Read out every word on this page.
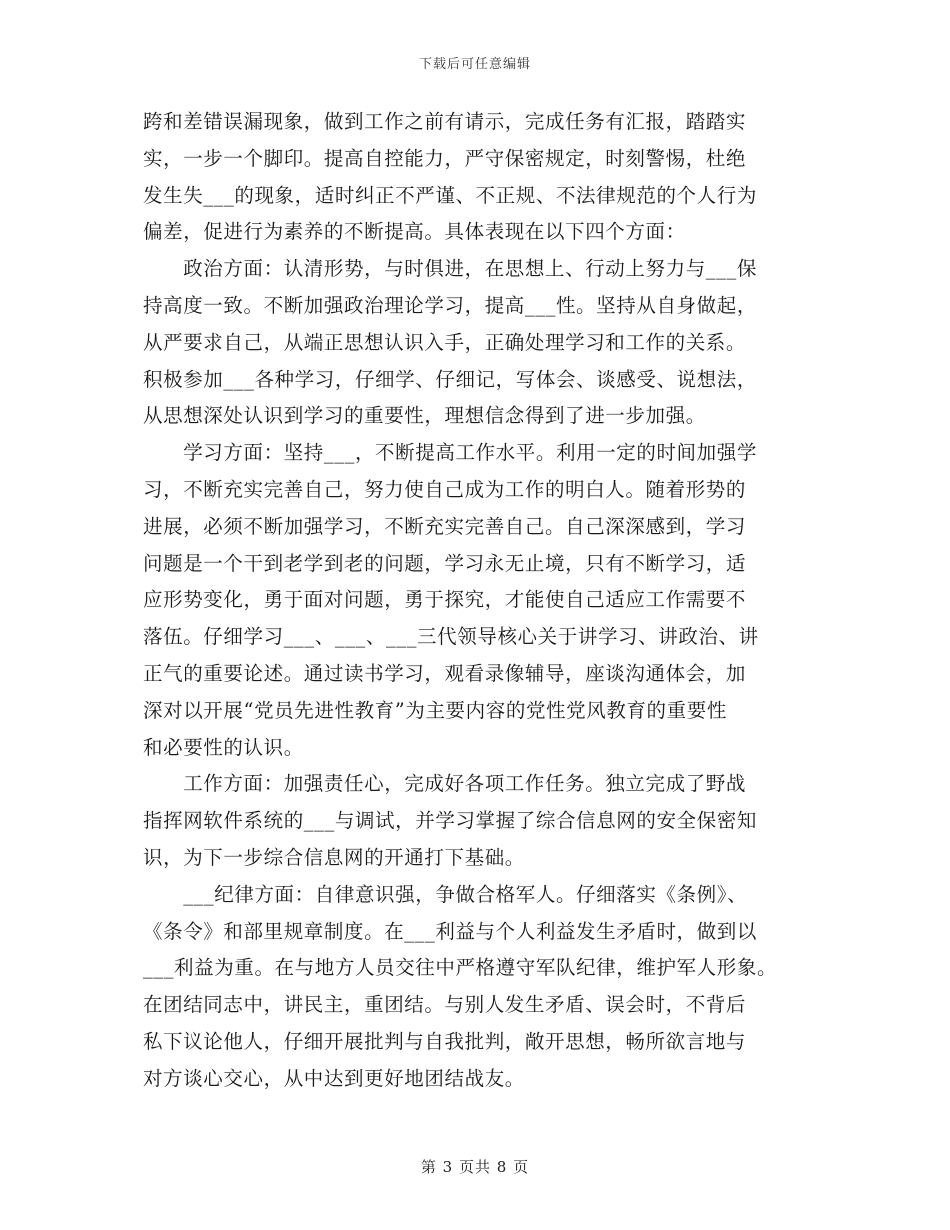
下载后可任意编辑
跨和差错误漏现象，做到工作之前有请示，完成任务有汇报，踏踏实
实，一步一个脚印。提高自控能力，严守保密规定，时刻警惕，杜绝
发生失___的现象，适时纠正不严谨、不正规、不法律规范的个人行为
偏差，促进行为素养的不断提高。具体表现在以下四个方面：
　　政治方面：认清形势，与时俱进，在思想上、行动上努力与___保
持高度一致。不断加强政治理论学习，提高___性。坚持从自身做起，
从严要求自己，从端正思想认识入手，正确处理学习和工作的关系。
积极参加___各种学习，仔细学、仔细记，写体会、谈感受、说想法，
从思想深处认识到学习的重要性，理想信念得到了进一步加强。
　　学习方面：坚持___，不断提高工作水平。利用一定的时间加强学
习，不断充实完善自己，努力使自己成为工作的明白人。随着形势的
进展，必须不断加强学习，不断充实完善自己。自己深深感到，学习
问题是一个干到老学到老的问题，学习永无止境，只有不断学习，适
应形势变化，勇于面对问题，勇于探究，才能使自己适应工作需要不
落伍。仔细学习___、___、___三代领导核心关于讲学习、讲政治、讲
正气的重要论述。通过读书学习，观看录像辅导，座谈沟通体会，加
深对以开展“党员先进性教育”为主要内容的党性党风教育的重要性
和必要性的认识。
　　工作方面：加强责任心，完成好各项工作任务。独立完成了野战
指挥网软件系统的___与调试，并学习掌握了综合信息网的安全保密知
识，为下一步综合信息网的开通打下基础。
　　___纪律方面：自律意识强，争做合格军人。仔细落实《条例》、
《条令》和部里规章制度。在___利益与个人利益发生矛盾时，做到以
___利益为重。在与地方人员交往中严格遵守军队纪律，维护军人形象。
在团结同志中，讲民主，重团结。与别人发生矛盾、误会时，不背后
私下议论他人，仔细开展批判与自我批判，敞开思想，畅所欲言地与
对方谈心交心，从中达到更好地团结战友。
第 3 页共 8 页
